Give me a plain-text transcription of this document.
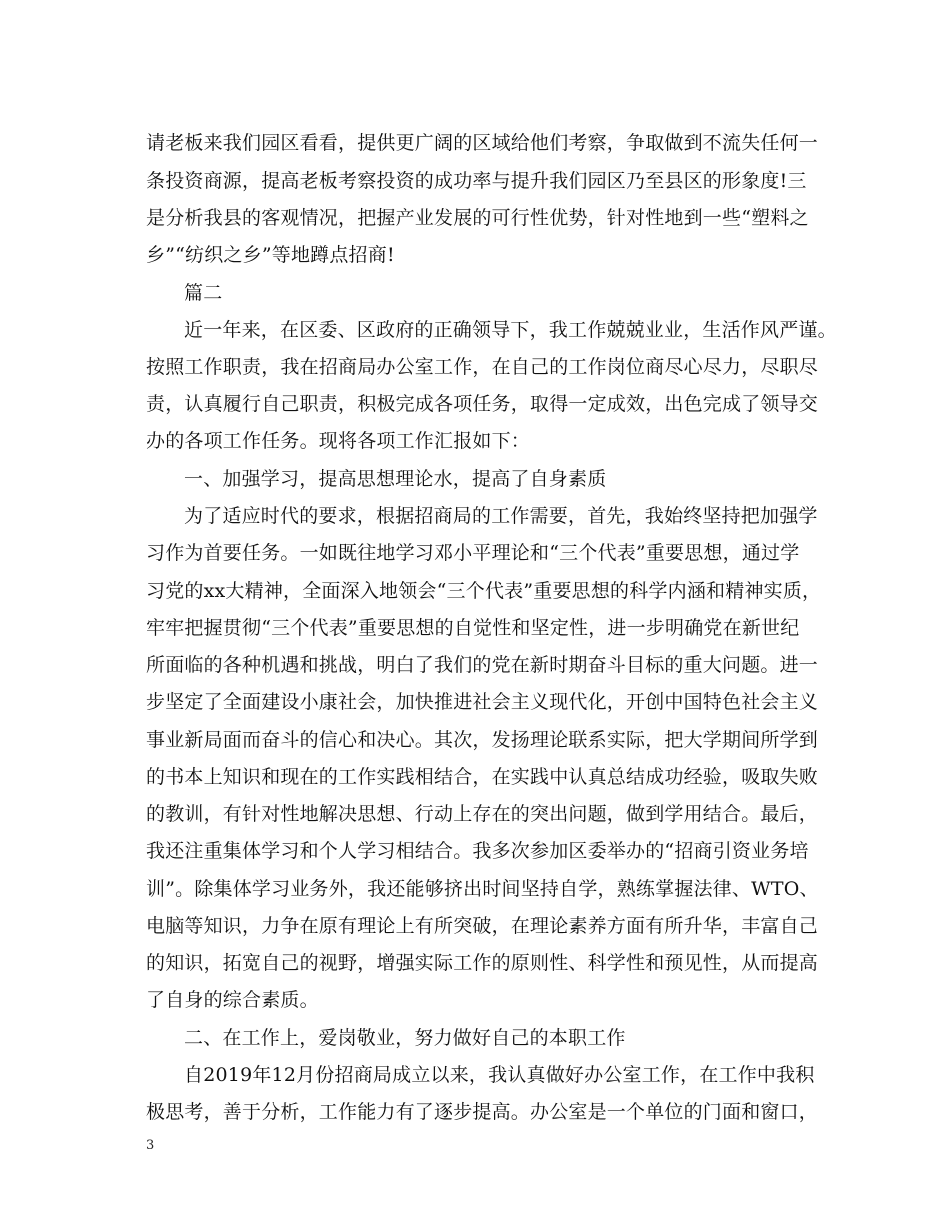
请老板来我们园区看看，提供更广阔的区域给他们考察，争取做到不流失任何一
条投资商源，提高老板考察投资的成功率与提升我们园区乃至县区的形象度!三
是分析我县的客观情况，把握产业发展的可行性优势，针对性地到一些“塑料之
乡”“纺织之乡”等地蹲点招商!
篇二
近一年来，在区委、区政府的正确领导下，我工作兢兢业业，生活作风严谨。
按照工作职责，我在招商局办公室工作，在自己的工作岗位商尽心尽力，尽职尽
责，认真履行自己职责，积极完成各项任务，取得一定成效，出色完成了领导交
办的各项工作任务。现将各项工作汇报如下：
一、加强学习，提高思想理论水，提高了自身素质
为了适应时代的要求，根据招商局的工作需要，首先，我始终坚持把加强学
习作为首要任务。一如既往地学习邓小平理论和“三个代表”重要思想，通过学
习党的xx大精神，全面深入地领会“三个代表”重要思想的科学内涵和精神实质，
牢牢把握贯彻“三个代表”重要思想的自觉性和坚定性，进一步明确党在新世纪
所面临的各种机遇和挑战，明白了我们的党在新时期奋斗目标的重大问题。进一
步坚定了全面建设小康社会，加快推进社会主义现代化，开创中国特色社会主义
事业新局面而奋斗的信心和决心。其次，发扬理论联系实际，把大学期间所学到
的书本上知识和现在的工作实践相结合，在实践中认真总结成功经验，吸取失败
的教训，有针对性地解决思想、行动上存在的突出问题，做到学用结合。最后，
我还注重集体学习和个人学习相结合。我多次参加区委举办的“招商引资业务培
训”。除集体学习业务外，我还能够挤出时间坚持自学，熟练掌握法律、WTO、
电脑等知识，力争在原有理论上有所突破，在理论素养方面有所升华，丰富自己
的知识，拓宽自己的视野，增强实际工作的原则性、科学性和预见性，从而提高
了自身的综合素质。
二、在工作上，爱岗敬业，努力做好自己的本职工作
自2019年12月份招商局成立以来，我认真做好办公室工作，在工作中我积
极思考，善于分析，工作能力有了逐步提高。办公室是一个单位的门面和窗口，
3
